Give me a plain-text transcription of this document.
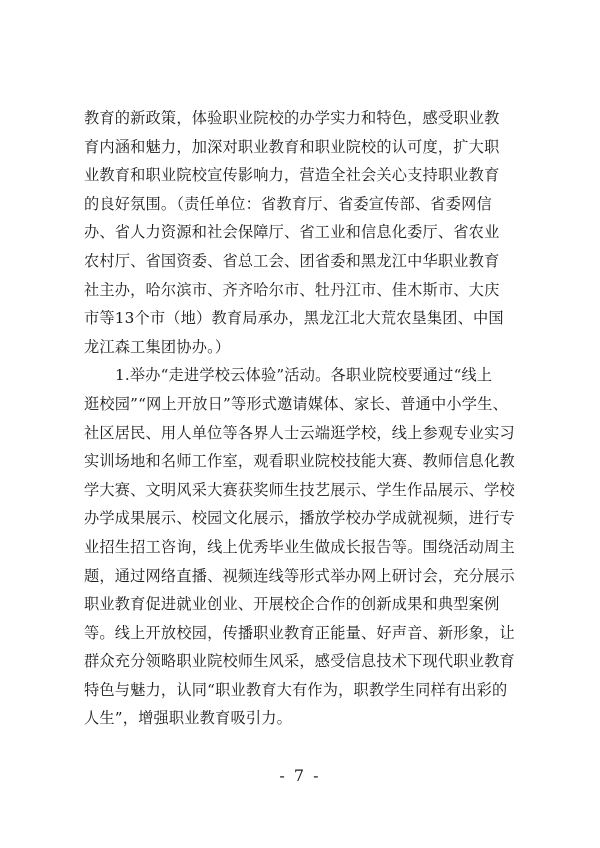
教育的新政策，体验职业院校的办学实力和特色，感受职业教
育内涵和魅力，加深对职业教育和职业院校的认可度，扩大职
业教育和职业院校宣传影响力，营造全社会关心支持职业教育
的良好氛围。（责任单位：省教育厅、省委宣传部、省委网信
办、省人力资源和社会保障厅、省工业和信息化委厅、省农业
农村厅、省国资委、省总工会、团省委和黑龙江中华职业教育
社主办，哈尔滨市、齐齐哈尔市、牡丹江市、佳木斯市、大庆
市等13个市（地）教育局承办，黑龙江北大荒农垦集团、中国
龙江森工集团协办。）
1.举办“走进学校云体验”活动。各职业院校要通过“线上
逛校园”“网上开放日”等形式邀请媒体、家长、普通中小学生、
社区居民、用人单位等各界人士云端逛学校，线上参观专业实习
实训场地和名师工作室，观看职业院校技能大赛、教师信息化教
学大赛、文明风采大赛获奖师生技艺展示、学生作品展示、学校
办学成果展示、校园文化展示，播放学校办学成就视频，进行专
业招生招工咨询，线上优秀毕业生做成长报告等。围绕活动周主
题，通过网络直播、视频连线等形式举办网上研讨会，充分展示
职业教育促进就业创业、开展校企合作的创新成果和典型案例
等。线上开放校园，传播职业教育正能量、好声音、新形象，让
群众充分领略职业院校师生风采，感受信息技术下现代职业教育
特色与魅力，认同“职业教育大有作为，职教学生同样有出彩的
人生”，增强职业教育吸引力。
- 7 -
